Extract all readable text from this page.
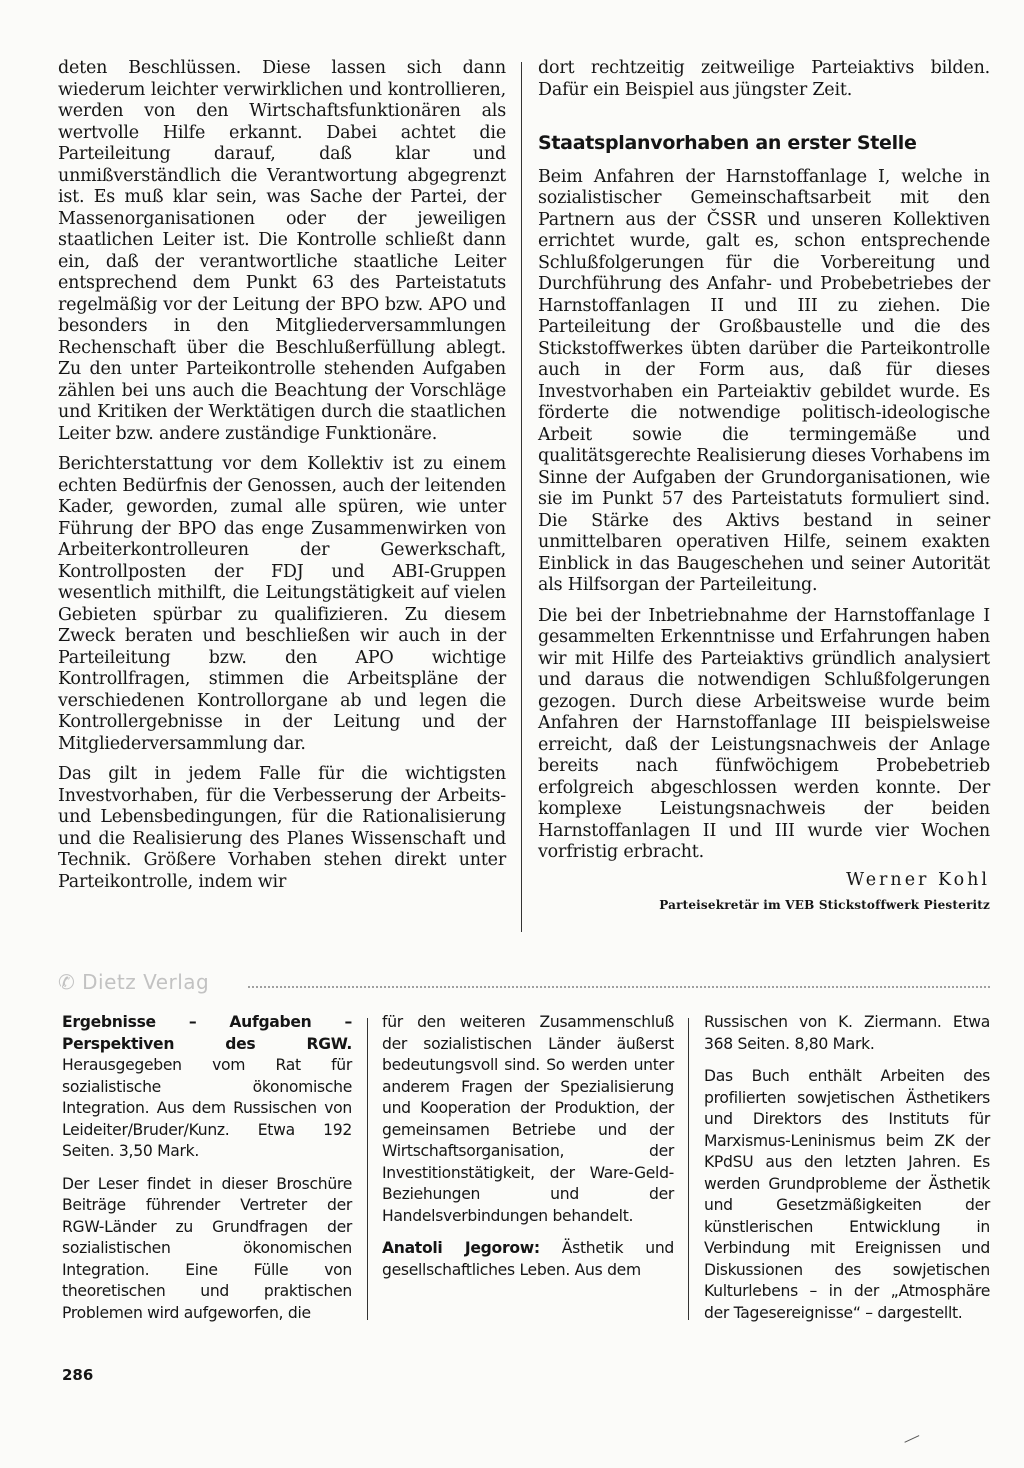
deten Beschlüssen. Diese lassen sich dann wiederum leichter verwirklichen und kontrollieren, werden von den Wirtschaftsfunktionären als wertvolle Hilfe erkannt. Dabei achtet die Parteileitung darauf, daß klar und unmißverständlich die Verantwortung abgegrenzt ist. Es muß klar sein, was Sache der Partei, der Massenorganisationen oder der jeweiligen staatlichen Leiter ist. Die Kontrolle schließt dann ein, daß der verantwortliche staatliche Leiter entsprechend dem Punkt 63 des Parteistatuts regelmäßig vor der Leitung der BPO bzw. APO und besonders in den Mitgliederversammlungen Rechenschaft über die Beschlußerfüllung ablegt. Zu den unter Parteikontrolle stehenden Aufgaben zählen bei uns auch die Beachtung der Vorschläge und Kritiken der Werktätigen durch die staatlichen Leiter bzw. andere zuständige Funktionäre.

Berichterstattung vor dem Kollektiv ist zu einem echten Bedürfnis der Genossen, auch der leitenden Kader, geworden, zumal alle spüren, wie unter Führung der BPO das enge Zusammenwirken von Arbeiterkontrolleuren der Gewerkschaft, Kontrollposten der FDJ und ABI-Gruppen wesentlich mithilft, die Leitungstätigkeit auf vielen Gebieten spürbar zu qualifizieren. Zu diesem Zweck beraten und beschließen wir auch in der Parteileitung bzw. den APO wichtige Kontrollfragen, stimmen die Arbeitspläne der verschiedenen Kontrollorgane ab und legen die Kontrollergebnisse in der Leitung und der Mitgliederversammlung dar.

Das gilt in jedem Falle für die wichtigsten Investvorhaben, für die Verbesserung der Arbeits- und Lebensbedingungen, für die Rationalisierung und die Realisierung des Planes Wissenschaft und Technik. Größere Vorhaben stehen direkt unter Parteikontrolle, indem wir

dort rechtzeitig zeitweilige Parteiaktivs bilden. Dafür ein Beispiel aus jüngster Zeit.

Staatsplanvorhaben an erster Stelle

Beim Anfahren der Harnstoffanlage I, welche in sozialistischer Gemeinschaftsarbeit mit den Partnern aus der ČSSR und unseren Kollektiven errichtet wurde, galt es, schon entsprechende Schlußfolgerungen für die Vorbereitung und Durchführung des Anfahr- und Probebetriebes der Harnstoffanlagen II und III zu ziehen. Die Parteileitung der Großbaustelle und die des Stickstoffwerkes übten darüber die Parteikontrolle auch in der Form aus, daß für dieses Investvorhaben ein Parteiaktiv gebildet wurde. Es förderte die notwendige politisch-ideologische Arbeit sowie die termingemäße und qualitätsgerechte Realisierung dieses Vorhabens im Sinne der Aufgaben der Grundorganisationen, wie sie im Punkt 57 des Parteistatuts formuliert sind. Die Stärke des Aktivs bestand in seiner unmittelbaren operativen Hilfe, seinem exakten Einblick in das Baugeschehen und seiner Autorität als Hilfsorgan der Parteileitung.

Die bei der Inbetriebnahme der Harnstoffanlage I gesammelten Erkenntnisse und Erfahrungen haben wir mit Hilfe des Parteiaktivs gründlich analysiert und daraus die notwendigen Schlußfolgerungen gezogen. Durch diese Arbeitsweise wurde beim Anfahren der Harnstoffanlage III beispielsweise erreicht, daß der Leistungsnachweis der Anlage bereits nach fünfwöchigem Probebetrieb erfolgreich abgeschlossen werden konnte. Der komplexe Leistungsnachweis der beiden Harnstoffanlagen II und III wurde vier Wochen vorfristig erbracht.

Werner Kohl
Parteisekretär im VEB Stickstoffwerk Piesteritz
✆ Dietz Verlag

Ergebnisse – Aufgaben – Perspektiven des RGW. Herausgegeben vom Rat für sozialistische ökonomische Integration. Aus dem Russischen von Leideiter/Bruder/Kunz. Etwa 192 Seiten. 3,50 Mark.

Der Leser findet in dieser Broschüre Beiträge führender Vertreter der RGW-Länder zu Grundfragen der sozialistischen ökonomischen Integration. Eine Fülle von theoretischen und praktischen Problemen wird aufgeworfen, die

für den weiteren Zusammenschluß der sozialistischen Länder äußerst bedeutungsvoll sind. So werden unter anderem Fragen der Spezialisierung und Kooperation der Produktion, der gemeinsamen Betriebe und der Wirtschaftsorganisation, der Investitionstätigkeit, der Ware-Geld-Beziehungen und der Handelsverbindungen behandelt.

Anatoli Jegorow: Ästhetik und gesellschaftliches Leben. Aus dem

Russischen von K. Ziermann. Etwa 368 Seiten. 8,80 Mark.

Das Buch enthält Arbeiten des profilierten sowjetischen Ästhetikers und Direktors des Instituts für Marxismus-Leninismus beim ZK der KPdSU aus den letzten Jahren. Es werden Grundprobleme der Ästhetik und Gesetzmäßigkeiten der künstlerischen Entwicklung in Verbindung mit Ereignissen und Diskussionen des sowjetischen Kulturlebens – in der „Atmosphäre der Tagesereignisse“ – dargestellt.

286
